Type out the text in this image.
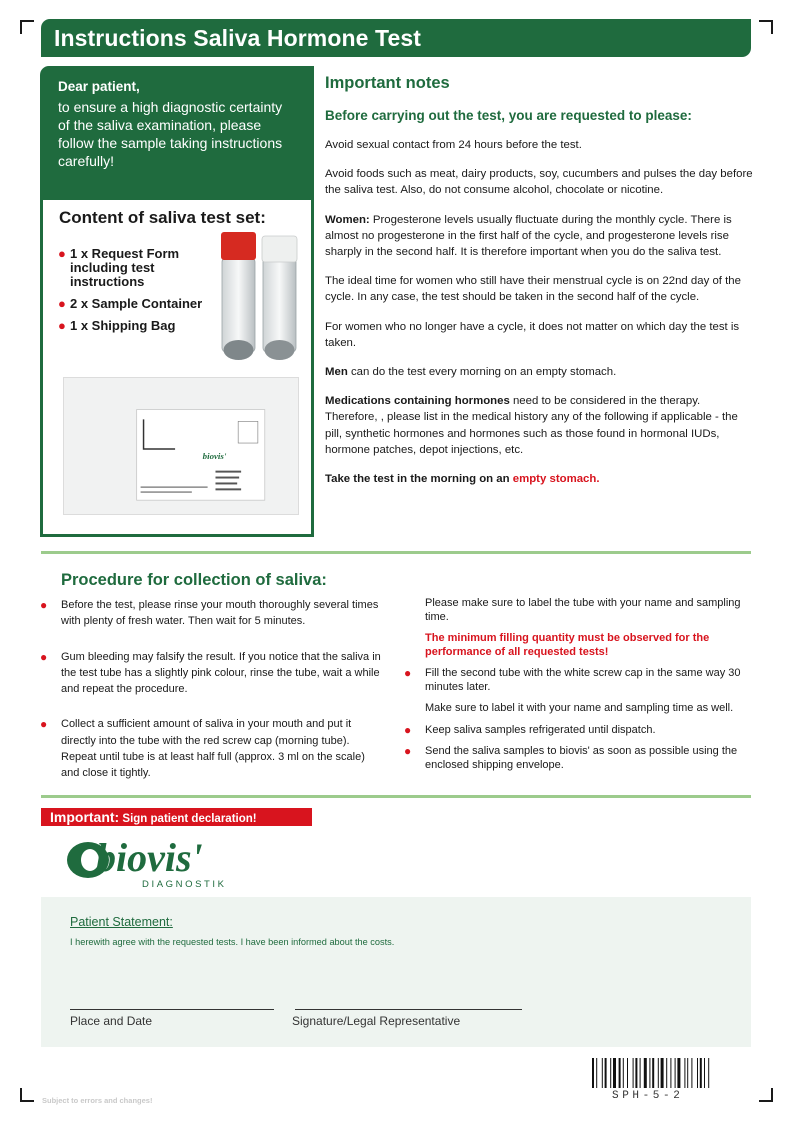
Instructions Saliva Hormone Test
Dear patient,
to ensure a high diagnostic certainty of the saliva examination, please follow the sample taking instructions carefully!
Content of saliva test set:
● 1 x Request Form including test instructions
● 2 x Sample Container
● 1 x Shipping Bag
biovis'
Important notes
Before carrying out the test, you are requested to please:

Avoid sexual contact from 24 hours before the test.

Avoid foods such as meat, dairy products, soy, cucumbers and pulses the day before the saliva test. Also, do not consume alcohol, chocolate or nicotine.

Women: Progesterone levels usually fluctuate during the monthly cycle. There is almost no progesterone in the first half of the cycle, and progesterone levels rise sharply in the second half. It is therefore important when you do the saliva test.

The ideal time for women who still have their menstrual cycle is on 22nd day of the cycle. In any case, the test should be taken in the second half of the cycle.

For women who no longer have a cycle, it does not matter on which day the test is taken.

Men can do the test every morning on an empty stomach.

Medications containing hormones need to be considered in the therapy. Therefore, , please list in the medical history any of the following if applicable - the pill, synthetic hormones and hormones such as those found in hormonal IUDs, hormone patches, depot injections, etc.

Take the test in the morning on an empty stomach.

Procedure for collection of saliva:
●	Before the test, please rinse your mouth thoroughly several times with plenty of fresh water. Then wait for 5 minutes.
●	Gum bleeding may falsify the result. If you notice that the saliva in the test tube has a slightly pink colour, rinse the tube, wait a while and repeat the procedure.
●	Collect a sufficient amount of saliva in your mouth and put it directly into the tube with the red screw cap (morning tube). Repeat until tube is at least half full (approx. 3 ml on the scale) and close it tightly.
Please make sure to label the tube with your name and sampling time.
The minimum filling quantity must be observed for the performance of all requested tests!
●	Fill the second tube with the white screw cap in the same way 30 minutes later.
Make sure to label it with your name and sampling time as well.
●	Keep saliva samples refrigerated until dispatch.
●	Send the saliva samples to biovis' as soon as possible using the enclosed shipping envelope.
Important: Sign patient declaration!
biovis'
DIAGNOSTIK
Patient Statement:
I herewith agree with the requested tests. I have been informed about the costs.
Place and Date	Signature/Legal Representative
SPH-5-2
Subject to errors and changes!
